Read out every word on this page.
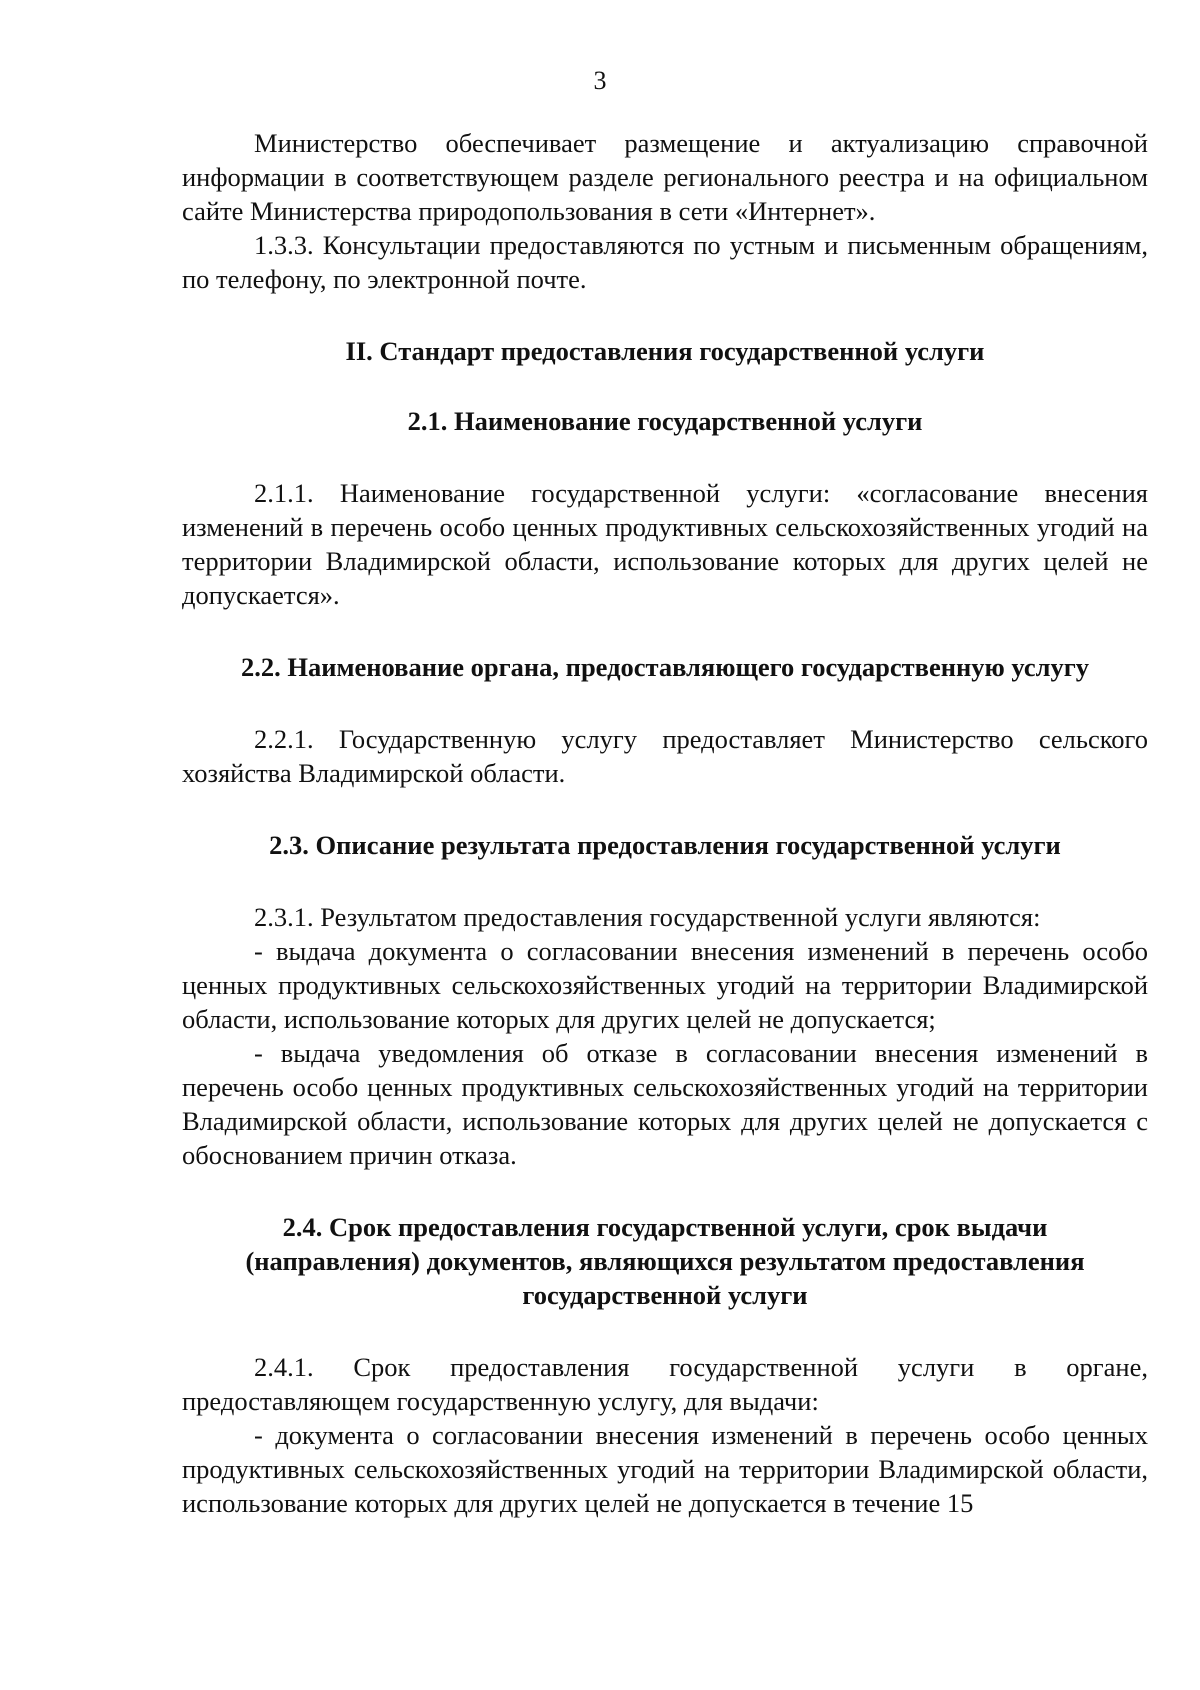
3

Министерство обеспечивает размещение и актуализацию справочной информации в соответствующем разделе регионального реестра и на официальном сайте Министерства природопользования в сети «Интернет».

1.3.3. Консультации предоставляются по устным и письменным обращениям, по телефону, по электронной почте.

II. Стандарт предоставления государственной услуги
2.1. Наименование государственной услуги

2.1.1. Наименование государственной услуги: «согласование внесения изменений в перечень особо ценных продуктивных сельскохозяйственных угодий на территории Владимирской области, использование которых для других целей не допускается».

2.2. Наименование органа, предоставляющего государственную услугу

2.2.1. Государственную услугу предоставляет Министерство сельского хозяйства Владимирской области.

2.3. Описание результата предоставления государственной услуги

2.3.1. Результатом предоставления государственной услуги являются:

- выдача документа о согласовании внесения изменений в перечень особо ценных продуктивных сельскохозяйственных угодий на территории Владимирской области, использование которых для других целей не допускается;

- выдача уведомления об отказе в согласовании внесения изменений в перечень особо ценных продуктивных сельскохозяйственных угодий на территории Владимирской области, использование которых для других целей не допускается с обоснованием причин отказа.

2.4. Срок предоставления государственной услуги, срок выдачи
(направления) документов, являющихся результатом предоставления
государственной услуги

2.4.1. Срок предоставления государственной услуги в органе, предоставляющем государственную услугу, для выдачи:

- документа о согласовании внесения изменений в перечень особо ценных продуктивных сельскохозяйственных угодий на территории Владимирской области, использование которых для других целей не допускается в течение 15
